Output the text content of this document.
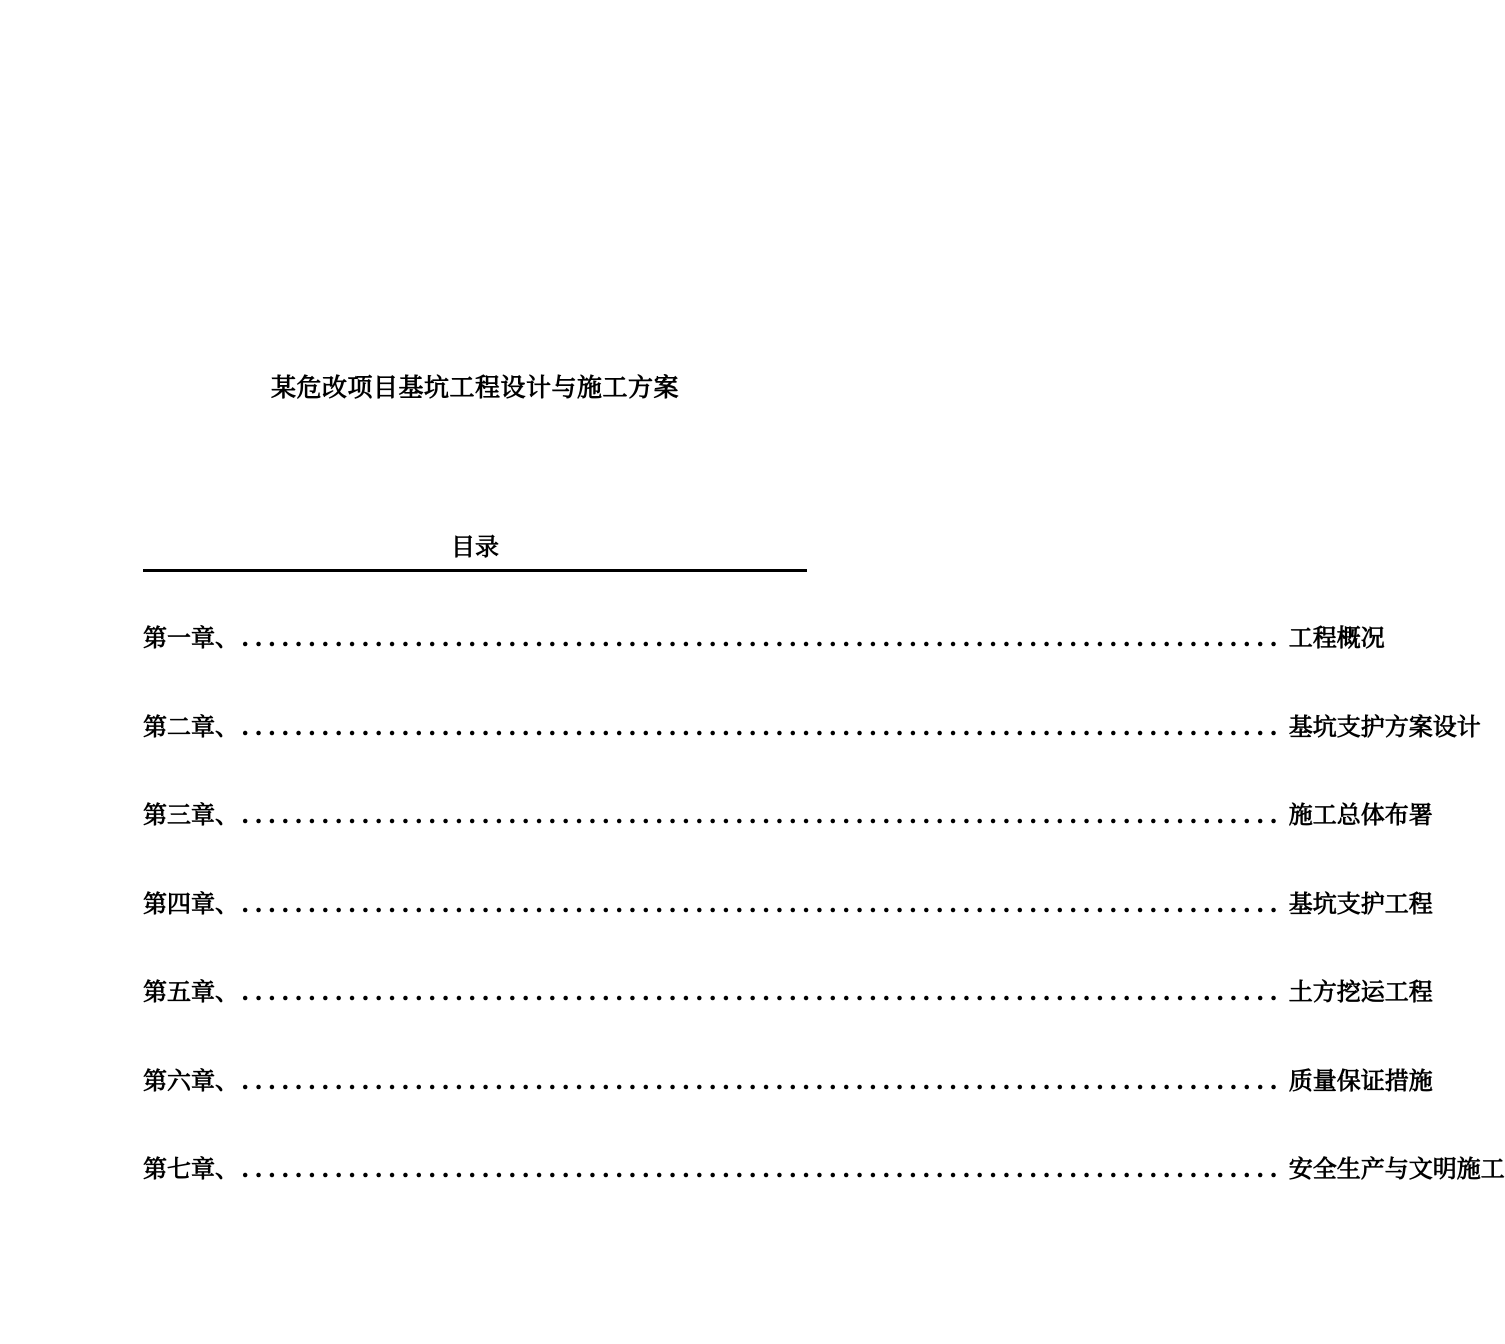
某危改项目基坑工程设计与施工方案
目录
第一章、 .............................................................................. 工程概况
第二章、 .............................................................................. 基坑支护方案设计
第三章、 .............................................................................. 施工总体布署
第四章、 .............................................................................. 基坑支护工程
第五章、 .............................................................................. 土方挖运工程
第六章、 .............................................................................. 质量保证措施
第七章、 .............................................................................. 安全生产与文明施工
